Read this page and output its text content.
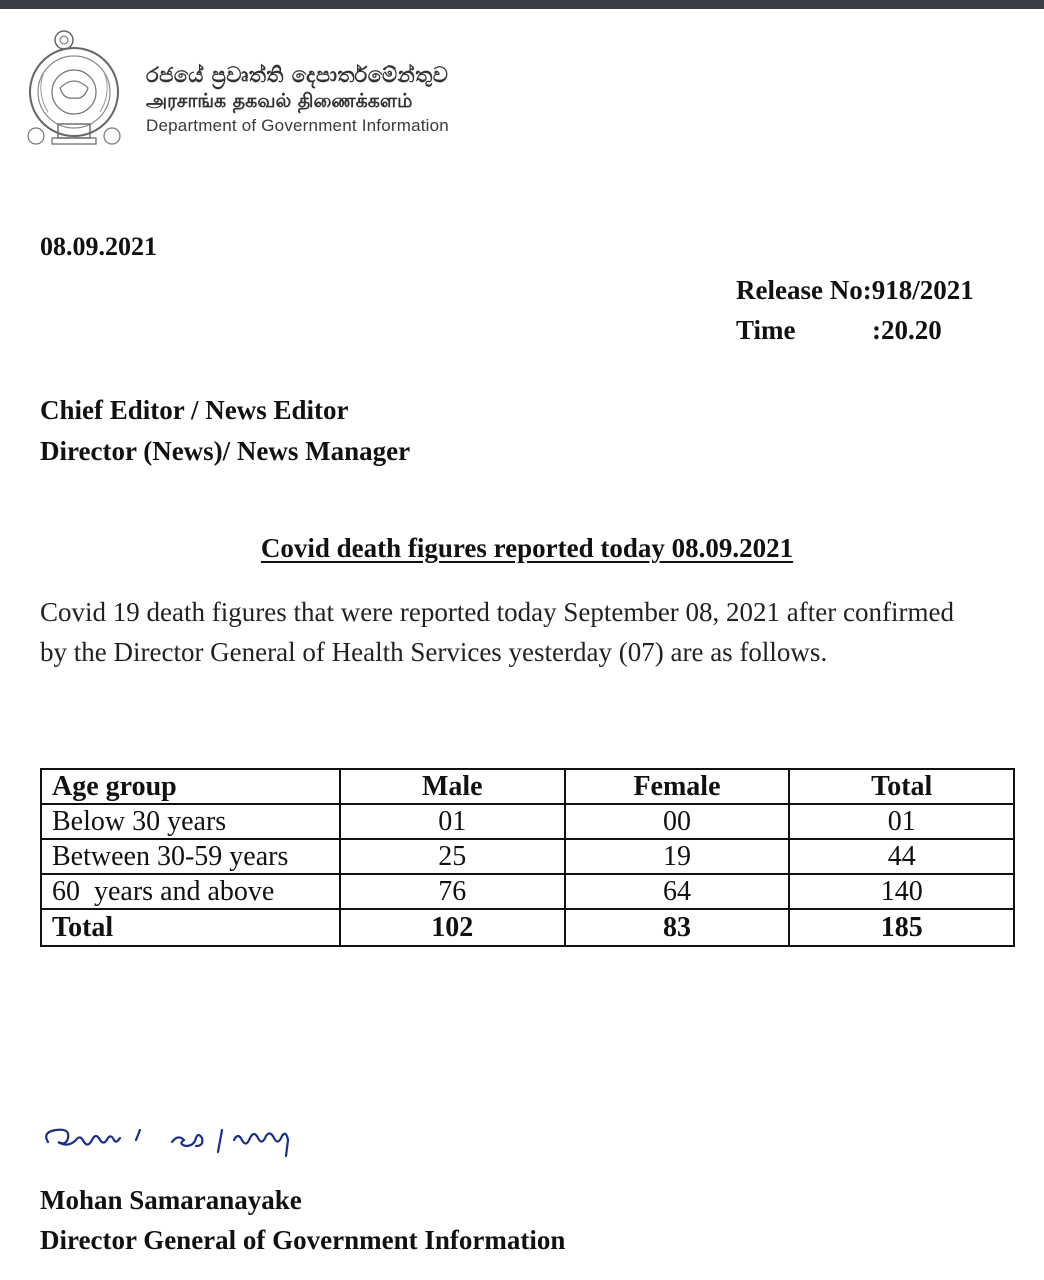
රජයේ ප්‍රවෘත්ති දෙපාර්තමේන්තුව
அரசாங்க தகவல் திணைக்களம்
Department of Government Information
08.09.2021
Release No: 918/2021
Time	:20.20
Chief Editor / News Editor
Director (News)/ News Manager
Covid death figures reported today 08.09.2021
Covid 19 death figures that were reported today September 08, 2021 after confirmed by the Director General of Health Services yesterday (07) are as follows.
Age group	Male	Female	Total
Below 30 years	01	00	01
Between 30-59 years	25	19	44
60  years and above	76	64	140
Total	102	83	185
Mohan Samaranayake
Director General of Government Information
